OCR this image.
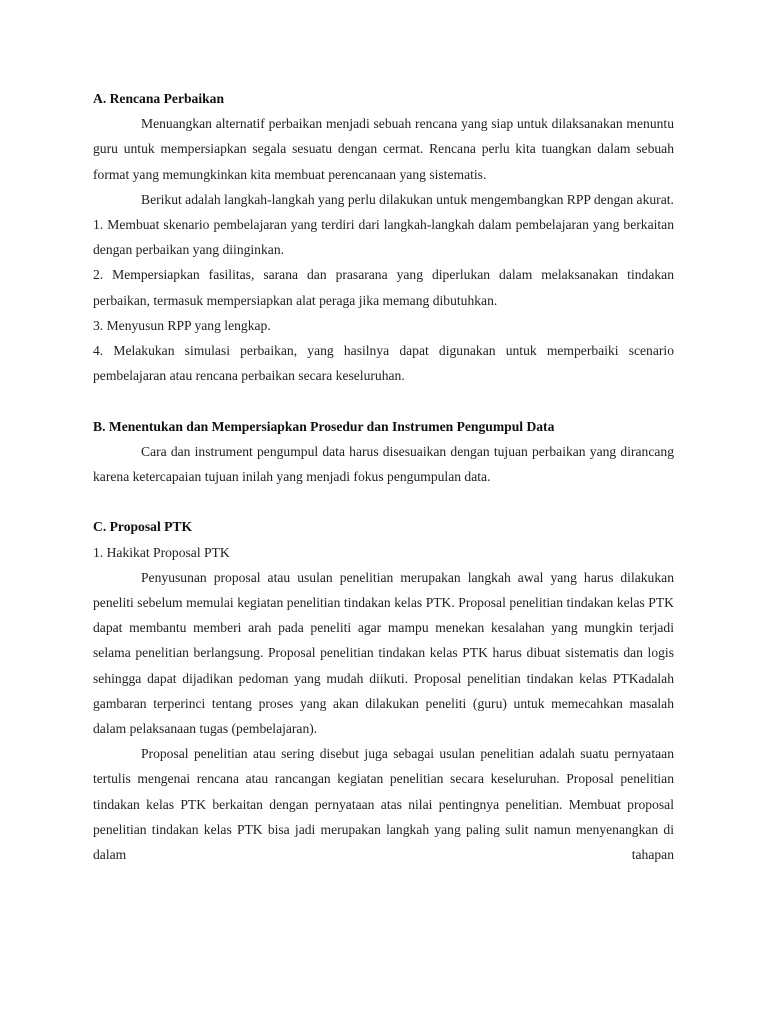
A. Rencana Perbaikan

Menuangkan alternatif perbaikan menjadi sebuah rencana yang siap untuk dilaksanakan menuntu guru untuk mempersiapkan segala sesuatu dengan cermat. Rencana perlu kita tuangkan dalam sebuah format yang memungkinkan kita membuat perencanaan yang sistematis.

Berikut adalah langkah-langkah yang perlu dilakukan untuk mengembangkan RPP dengan akurat.

1. Membuat skenario pembelajaran yang terdiri dari langkah-langkah dalam pembelajaran yang berkaitan dengan perbaikan yang diinginkan.

2. Mempersiapkan fasilitas, sarana dan prasarana yang diperlukan dalam melaksanakan tindakan perbaikan, termasuk mempersiapkan alat peraga jika memang dibutuhkan.

3. Menyusun RPP yang lengkap.

4. Melakukan simulasi perbaikan, yang hasilnya dapat digunakan untuk memperbaiki scenario pembelajaran atau rencana perbaikan secara keseluruhan.

B. Menentukan dan Mempersiapkan Prosedur dan Instrumen Pengumpul Data

Cara dan instrument pengumpul data harus disesuaikan dengan tujuan perbaikan yang dirancang karena ketercapaian tujuan inilah yang menjadi fokus pengumpulan data.

C. Proposal PTK

1. Hakikat Proposal PTK

Penyusunan proposal atau usulan penelitian merupakan langkah awal yang harus dilakukan peneliti sebelum memulai kegiatan penelitian tindakan kelas PTK. Proposal penelitian tindakan kelas PTK dapat membantu memberi arah pada peneliti agar mampu menekan kesalahan yang mungkin terjadi selama penelitian berlangsung. Proposal penelitian tindakan kelas PTK harus dibuat sistematis dan logis sehingga dapat dijadikan pedoman yang mudah diikuti. Proposal penelitian tindakan kelas PTKadalah gambaran terperinci tentang proses yang akan dilakukan peneliti (guru) untuk memecahkan masalah dalam pelaksanaan tugas (pembelajaran).

Proposal penelitian atau sering disebut juga sebagai usulan penelitian adalah suatu pernyataan tertulis mengenai rencana atau rancangan kegiatan penelitian secara keseluruhan. Proposal penelitian tindakan kelas PTK berkaitan dengan pernyataan atas nilai pentingnya penelitian. Membuat proposal penelitian tindakan kelas PTK bisa jadi merupakan langkah yang paling sulit namun menyenangkan di dalam tahapan
